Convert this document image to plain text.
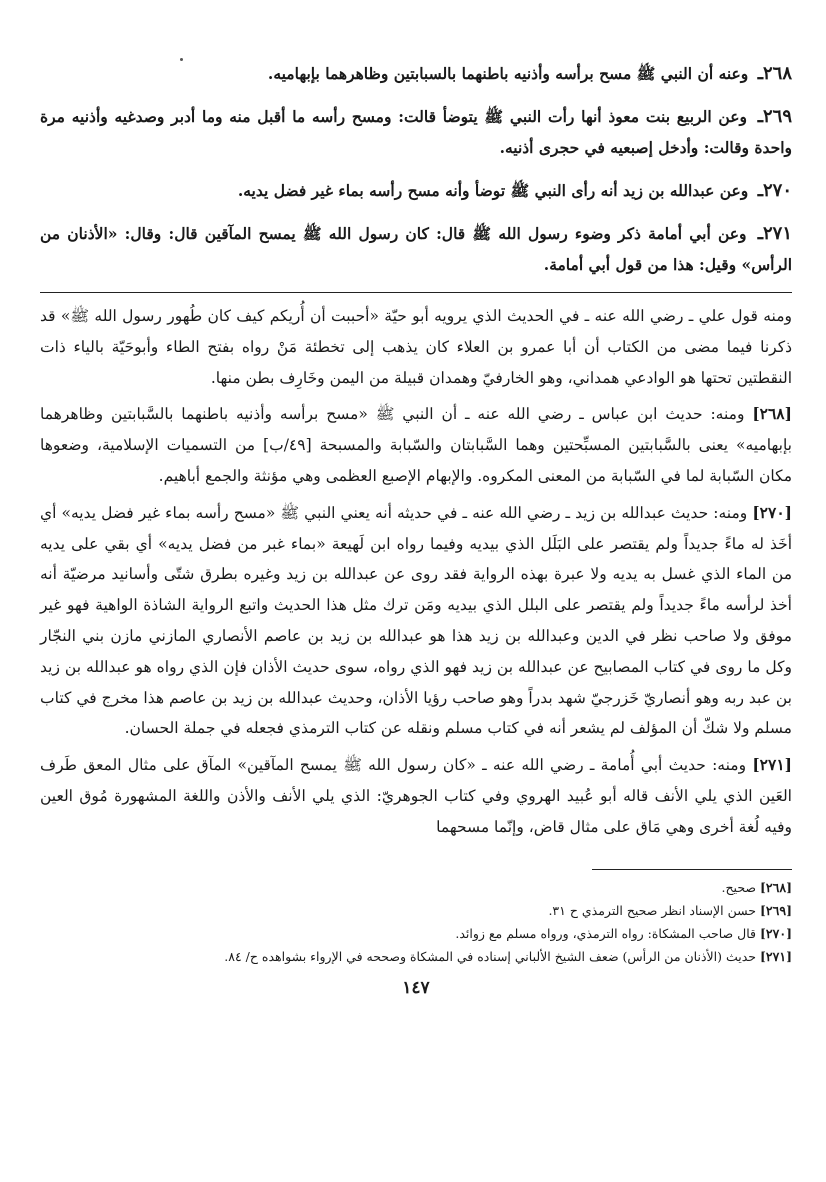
٢٦٨ـ وعنه أن النبي ﷺ مسح برأسه وأذنيه باطنهما بالسبابتين وظاهرهما بإبهاميه.

٢٦٩ـ وعن الربيع بنت معوذ أنها رأت النبي ﷺ يتوضأ قالت: ومسح رأسه ما أقبل منه وما أدبر وصدغيه وأذنيه مرة واحدة وقالت: وأدخل إصبعيه في حجرى أذنيه.

٢٧٠ـ وعن عبدالله بن زيد أنه رأى النبي ﷺ توضأ وأنه مسح رأسه بماء غير فضل يديه.

٢٧١ـ وعن أبي أمامة ذكر وضوء رسول الله ﷺ قال: كان رسول الله ﷺ يمسح المآقين قال: وقال: «الأذنان من الرأس» وقيل: هذا من قول أبي أمامة.

ومنه قول علي ـ رضي الله عنه ـ في الحديث الذي يرويه أبو حيّة «أحببت أن أُريكم كيف كان طُهور رسول الله ﷺ» قد ذكرنا فيما مضى من الكتاب أن أبا عمرو بن العلاء كان يذهب إلى تخطئة مَنْ رواه بفتح الطاء وأبوحَيّة بالياء ذات النقطتين تحتها هو الوادعي همداني، وهو الخارفيّ وهمدان قبيلة من اليمن وخَارِف بطن منها.

[٢٦٨] ومنه: حديث ابن عباس ـ رضي الله عنه ـ أن النبي ﷺ «مسح برأسه وأذنيه باطنهما بالسَّبابتين وظاهرهما بإبهاميه» يعنى بالسَّبابتين المسبِّحتين وهما السَّبابتان والسّبابة والمسبحة [٤٩/ب] من التسميات الإسلامية، وضعوها مكان السّبابة لما في السّبابة من المعنى المكروه. والإبهام الإصبع العظمى وهي مؤنثة والجمع أباهيم.

[٢٧٠] ومنه: حديث عبدالله بن زيد ـ رضي الله عنه ـ في حديثه أنه يعني النبي ﷺ «مسح رأسه بماء غير فضل يديه» أي أخَذ له ماءً جديداً ولم يقتصر على البَلَل الذي بيديه وفيما رواه ابن لَهيعة «بماء غبر من فضل يديه» أي بقي على يديه من الماء الذي غسل به يديه ولا عبرة بهذه الرواية فقد روى عن عبدالله بن زيد وغيره بطرق شتّى وأسانيد مرضيّة أنه أخذ لرأسه ماءً جديداً ولم يقتصر على البلل الذي بيديه ومَن ترك مثل هذا الحديث واتبع الرواية الشاذة الواهية فهو غير موفق ولا صاحب نظر في الدين وعبدالله بن زيد هذا هو عبدالله بن زيد بن عاصم الأنصاري المازني مازن بني النجّار وكل ما روى في كتاب المصابيح عن عبدالله بن زيد فهو الذي رواه، سوى حديث الأذان فإن الذي رواه هو عبدالله بن زيد بن عبد ربه وهو أنصاريّ خَزرجيّ شهد بدراً وهو صاحب رؤيا الأذان، وحديث عبدالله بن زيد بن عاصم هذا مخرج في كتاب مسلم ولا شكّ أن المؤلف لم يشعر أنه في كتاب مسلم ونقله عن كتاب الترمذي فجعله في جملة الحسان.

[٢٧١] ومنه: حديث أبي أُمامة ـ رضي الله عنه ـ «كان رسول الله ﷺ يمسح المآقين» المآق على مثال المعق طَرف العَين الذي يلي الأنف قاله أبو عُبيد الهروي وفي كتاب الجوهريّ: الذي يلي الأنف والأذن واللغة المشهورة مُوق العين وفيه لُغة أخرى وهي مَاق على مثال قاض، وإنّما مسحهما

[٢٦٨] صحيح.

[٢٦٩] حسن الإسناد انظر صحيح الترمذي ح ٣١.

[٢٧٠] قال صاحب المشكاة: رواه الترمذي، ورواه مسلم مع زوائد.

[٢٧١] حديث (الأذنان من الرأس) ضعف الشيخ الألباني إسناده في المشكاة وصححه في الإرواء بشواهده ح/ ٨٤.

١٤٧
